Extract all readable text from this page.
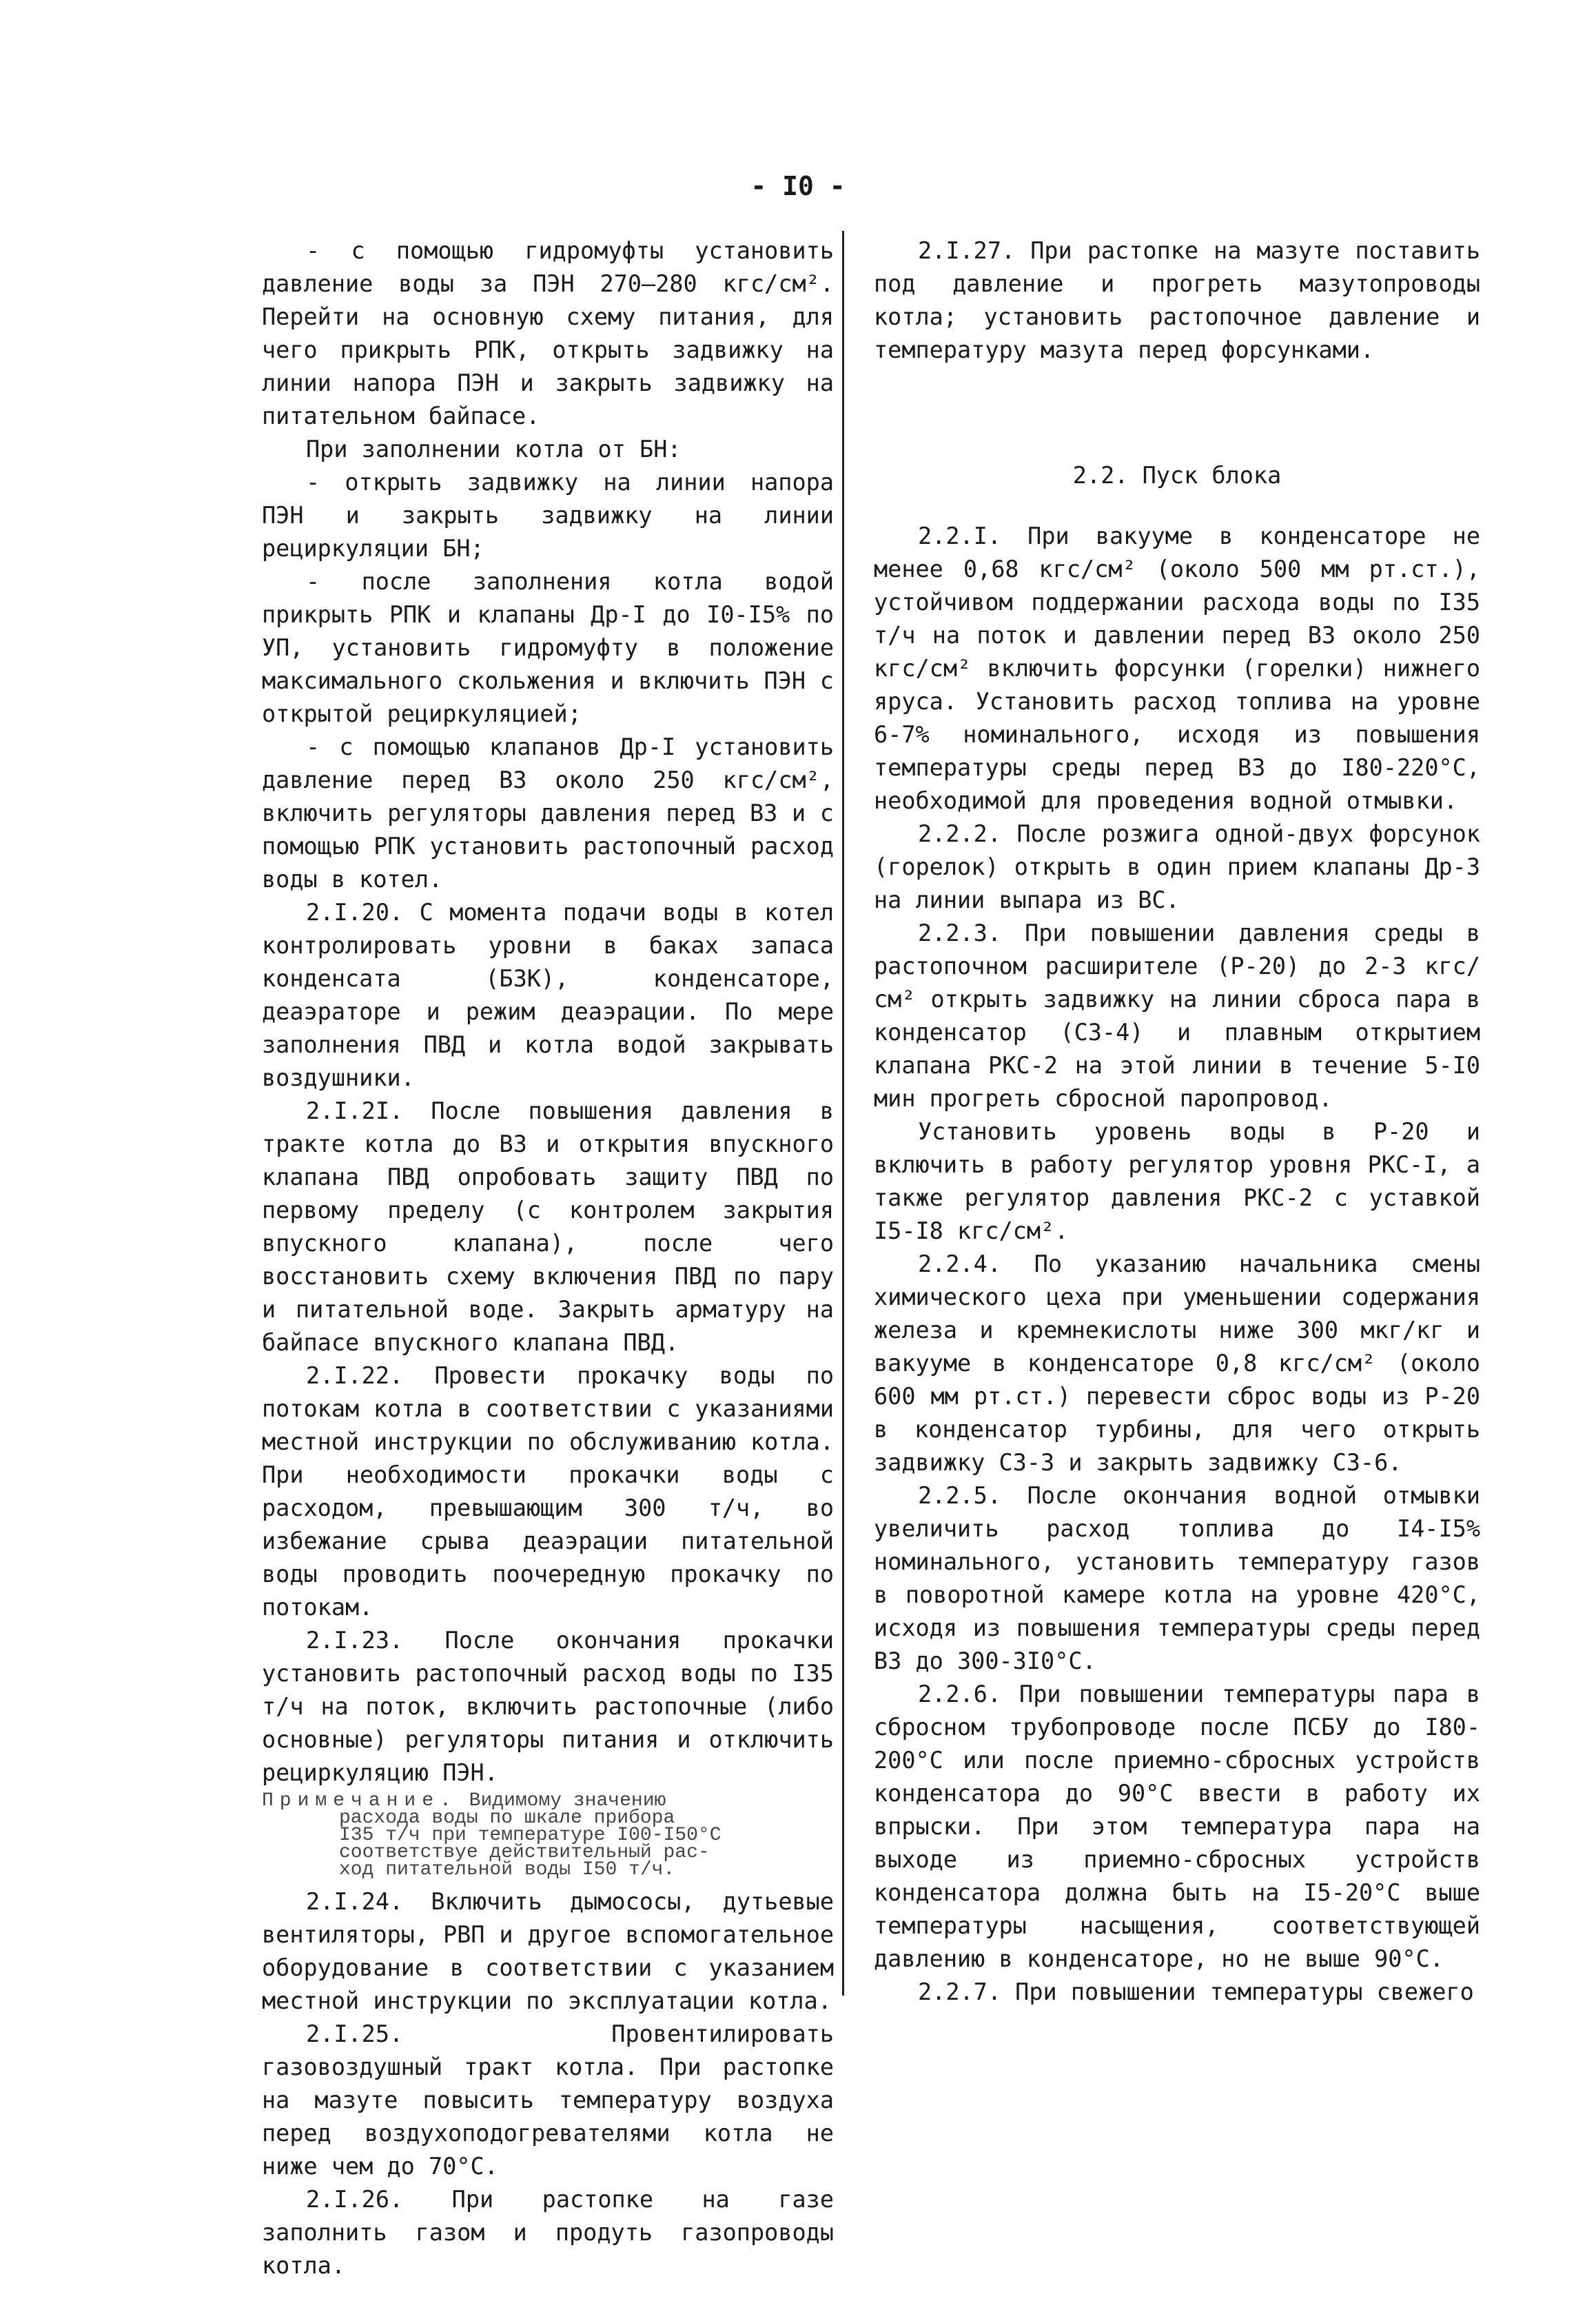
- I0 -

- с помощью гидромуфты установить давление воды за ПЭН 270–280 кгс/см². Перейти на основную схему питания, для чего прикрыть РПК, открыть задвижку на линии напора ПЭН и закрыть задвижку на питательном байпасе.

При заполнении котла от БН:

- открыть задвижку на линии напора ПЭН и закрыть задвижку на линии рециркуляции БН;

- после заполнения котла водой прикрыть РПК и клапаны Др-I до I0-I5% по УП, установить гидромуфту в положение максимального скольжения и включить ПЭН с открытой рециркуляцией;

- с помощью клапанов Др-I установить давление перед ВЗ около 250 кгс/см², включить регуляторы давления перед ВЗ и с помощью РПК установить растопочный расход воды в котел.

2.I.20. С момента подачи воды в котел контролировать уровни в баках запаса конденсата (БЗК), конденсаторе, деаэраторе и режим деаэрации. По мере заполнения ПВД и котла водой закрывать воздушники.

2.I.2I. После повышения давления в тракте котла до ВЗ и открытия впускного клапана ПВД опробовать защиту ПВД по первому пределу (с контролем закрытия впускного клапана), после чего восстановить схему включения ПВД по пару и питательной воде. Закрыть арматуру на байпасе впускного клапана ПВД.

2.I.22. Провести прокачку воды по потокам котла в соответствии с указаниями местной инструкции по обслуживанию котла. При необходимости прокачки воды с расходом, превышающим 300 т/ч, во избежание срыва деаэрации питательной воды проводить поочередную прокачку по потокам.

2.I.23. После окончания прокачки установить растопочный расход воды по I35 т/ч на поток, включить растопочные (либо основные) регуляторы питания и отключить рециркуляцию ПЭН.

Примечание. Видимому значению
расхода воды по шкале прибора
I35 т/ч при температуре I00-I50°С
соответствуе действительный рас-
ход питательной воды I50 т/ч.

2.I.24. Включить дымососы, дутьевые вентиляторы, РВП и другое вспомогательное оборудование в соответствии с указанием местной инструкции по эксплуатации котла.

2.I.25. Провентилировать газовоздушный тракт котла. При растопке на мазуте повысить температуру воздуха перед воздухоподогревателями котла не ниже чем до 70°С.

2.I.26. При растопке на газе заполнить газом и продуть газопроводы котла.

2.I.27. При растопке на мазуте поставить под давление и прогреть мазутопроводы котла; установить растопочное давление и температуру мазута перед форсунками.

2.2. Пуск блока

2.2.I. При вакууме в конденсаторе не менее 0,68 кгс/см² (около 500 мм рт.ст.), устойчивом поддержании расхода воды по I35 т/ч на поток и давлении перед ВЗ около 250 кгс/см² включить форсунки (горелки) нижнего яруса. Установить расход топлива на уровне 6-7% номинального, исходя из повышения температуры среды перед ВЗ до I80-220°С, необходимой для проведения водной отмывки.

2.2.2. После розжига одной-двух форсунок (горелок) открыть в один прием клапаны Др-3 на линии выпара из ВС.

2.2.3. При повышении давления среды в растопочном расширителе (Р-20) до 2-3 кгс/см² открыть задвижку на линии сброса пара в конденсатор (СЗ-4) и плавным открытием клапана РКС-2 на этой линии в течение 5-I0 мин прогреть сбросной паропровод.

Установить уровень воды в Р-20 и включить в работу регулятор уровня РКС-I, а также регулятор давления РКС-2 с уставкой I5-I8 кгс/см².

2.2.4. По указанию начальника смены химического цеха при уменьшении содержания железа и кремнекислоты ниже 300 мкг/кг и вакууме в конденсаторе 0,8 кгс/см² (около 600 мм рт.ст.) перевести сброс воды из Р-20 в конденсатор турбины, для чего открыть задвижку СЗ-3 и закрыть задвижку СЗ-6.

2.2.5. После окончания водной отмывки увеличить расход топлива до I4-I5% номинального, установить температуру газов в поворотной камере котла на уровне 420°С, исходя из повышения температуры среды перед ВЗ до 300-3I0°С.

2.2.6. При повышении температуры пара в сбросном трубопроводе после ПСБУ до I80-200°С или после приемно-сбросных устройств конденсатора до 90°С ввести в работу их впрыски. При этом температура пара на выходе из приемно-сбросных устройств конденсатора должна быть на I5-20°С выше температуры насыщения, соответствующей давлению в конденсаторе, но не выше 90°С.

2.2.7. При повышении температуры свежего
